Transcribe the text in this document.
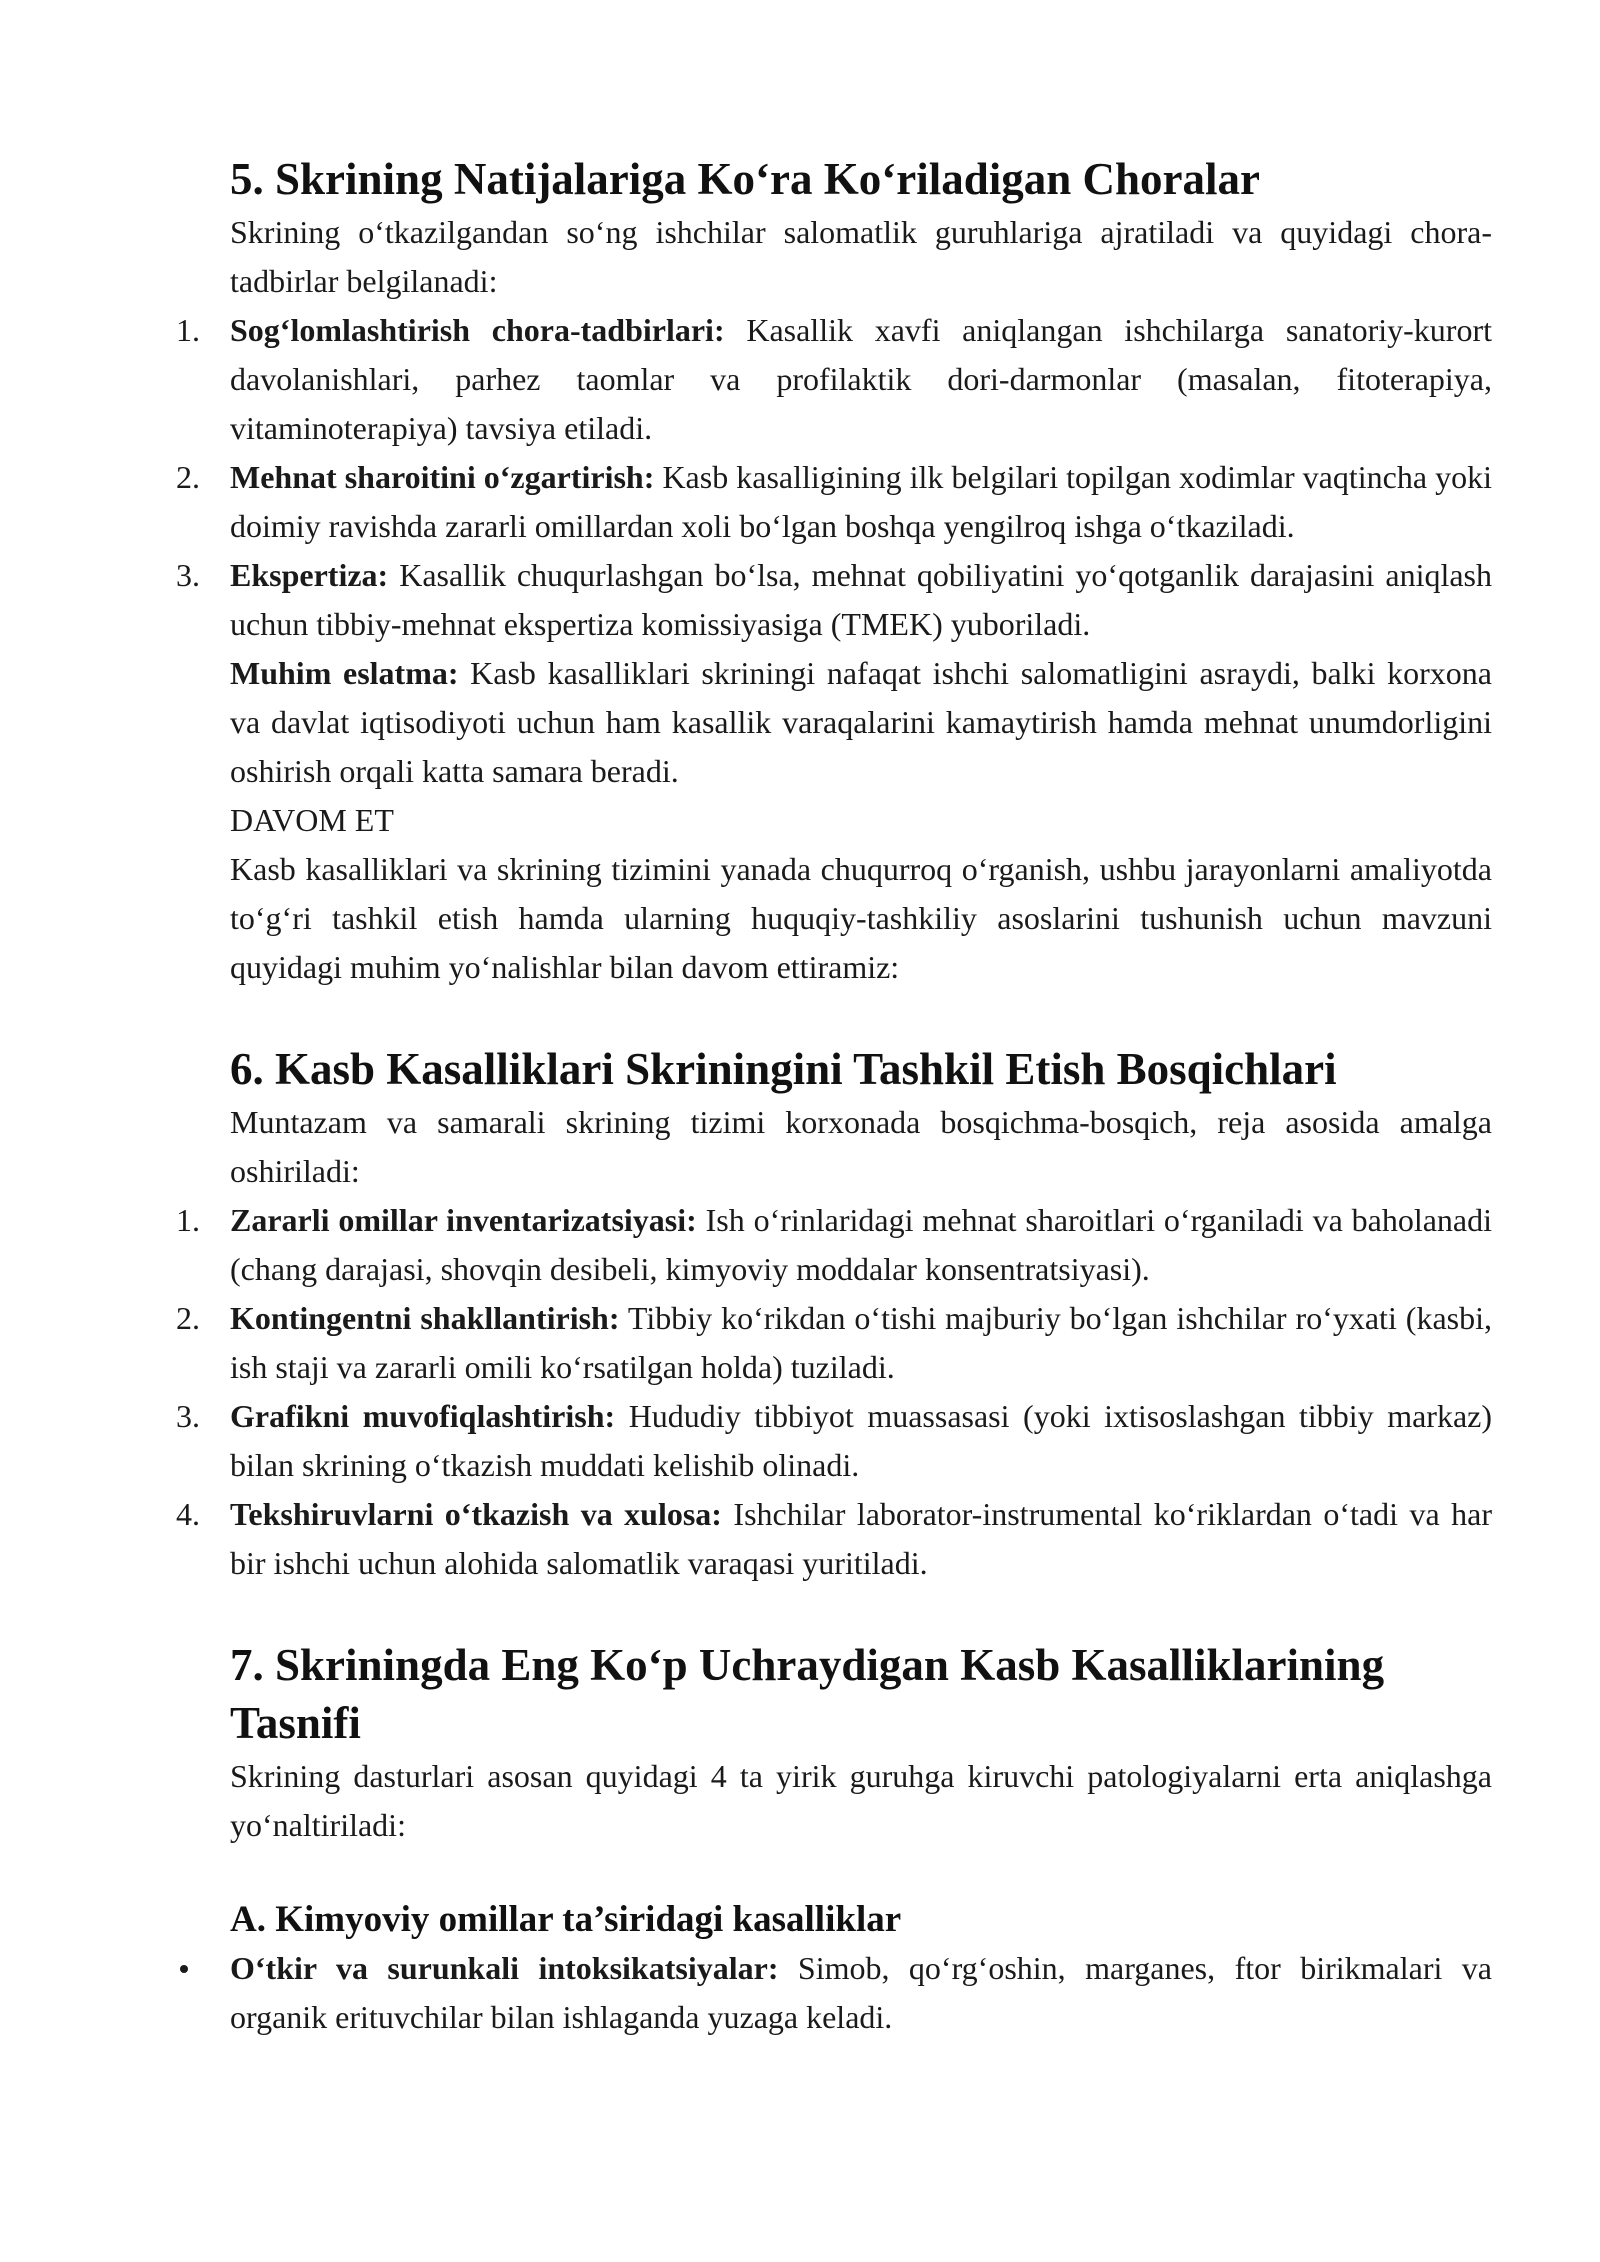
5. Skrining Natijalariga Ko‘ra Ko‘riladigan Choralar

Skrining o‘tkazilgandan so‘ng ishchilar salomatlik guruhlariga ajratiladi va quyidagi chora-tadbirlar belgilanadi:

1. Sog‘lomlashtirish chora-tadbirlari: Kasallik xavfi aniqlangan ishchilarga sanatoriy-kurort davolanishlari, parhez taomlar va profilaktik dori-darmonlar (masalan, fitoterapiya, vitaminoterapiya) tavsiya etiladi.
2. Mehnat sharoitini o‘zgartirish: Kasb kasalligining ilk belgilari topilgan xodimlar vaqtincha yoki doimiy ravishda zararli omillardan xoli bo‘lgan boshqa yengilroq ishga o‘tkaziladi.
3. Ekspertiza: Kasallik chuqurlashgan bo‘lsa, mehnat qobiliyatini yo‘qotganlik darajasini aniqlash uchun tibbiy-mehnat ekspertiza komissiyasiga (TMEK) yuboriladi.

Muhim eslatma: Kasb kasalliklari skriningi nafaqat ishchi salomatligini asraydi, balki korxona va davlat iqtisodiyoti uchun ham kasallik varaqalarini kamaytirish hamda mehnat unumdorligini oshirish orqali katta samara beradi.

DAVOM ET

Kasb kasalliklari va skrining tizimini yanada chuqurroq o‘rganish, ushbu jarayonlarni amaliyotda to‘g‘ri tashkil etish hamda ularning huquqiy-tashkiliy asoslarini tushunish uchun mavzuni quyidagi muhim yo‘nalishlar bilan davom ettiramiz:

6. Kasb Kasalliklari Skriningini Tashkil Etish Bosqichlari

Muntazam va samarali skrining tizimi korxonada bosqichma-bosqich, reja asosida amalga oshiriladi:

1. Zararli omillar inventarizatsiyasi: Ish o‘rinlaridagi mehnat sharoitlari o‘rganiladi va baholanadi (chang darajasi, shovqin desibeli, kimyoviy moddalar konsentratsiyasi).
2. Kontingentni shakllantirish: Tibbiy ko‘rikdan o‘tishi majburiy bo‘lgan ishchilar ro‘yxati (kasbi, ish staji va zararli omili ko‘rsatilgan holda) tuziladi.
3. Grafikni muvofiqlashtirish: Hududiy tibbiyot muassasasi (yoki ixtisoslashgan tibbiy markaz) bilan skrining o‘tkazish muddati kelishib olinadi.
4. Tekshiruvlarni o‘tkazish va xulosa: Ishchilar laborator-instrumental ko‘riklardan o‘tadi va har bir ishchi uchun alohida salomatlik varaqasi yuritiladi.
7. Skriningda Eng Ko‘p Uchraydigan Kasb Kasalliklarining Tasnifi

Skrining dasturlari asosan quyidagi 4 ta yirik guruhga kiruvchi patologiyalarni erta aniqlashga yo‘naltiriladi:

A. Kimyoviy omillar ta’siridagi kasalliklar
O‘tkir va surunkali intoksikatsiyalar: Simob, qo‘rg‘oshin, marganes, ftor birikmalari va organik erituvchilar bilan ishlaganda yuzaga keladi.
